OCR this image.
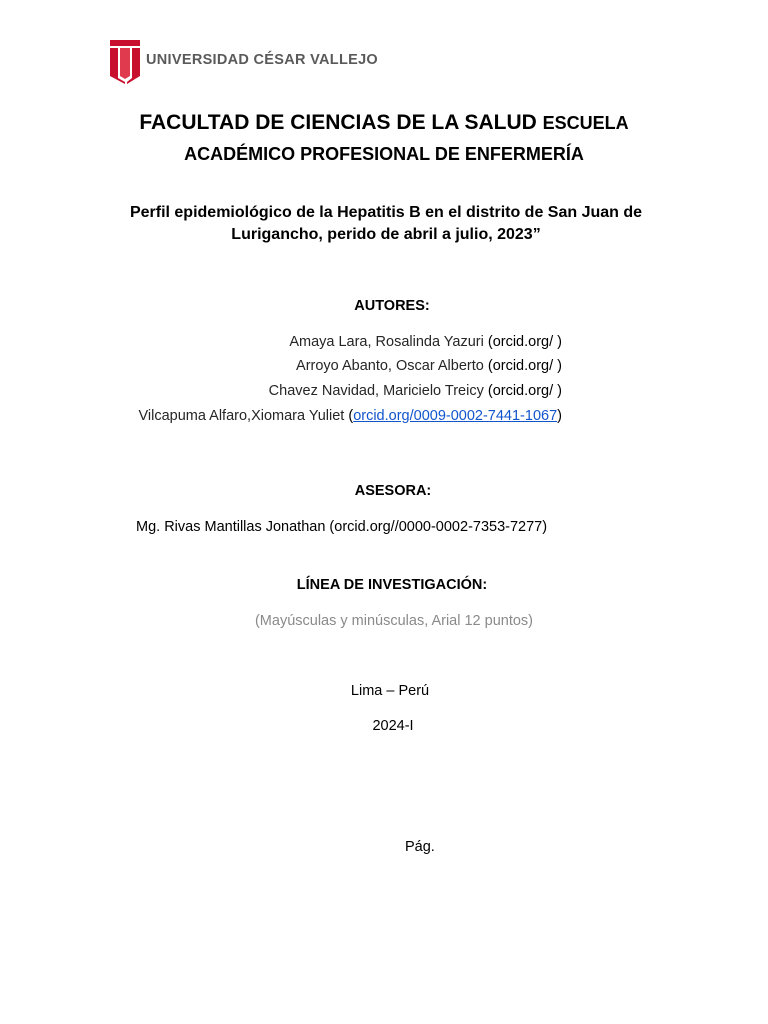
UNIVERSIDAD CÉSAR VALLEJO
FACULTAD DE CIENCIAS DE LA SALUD ESCUELA
ACADÉMICO PROFESIONAL DE ENFERMERÍA
Perfil epidemiológico de la Hepatitis B en el distrito de San Juan de Lurigancho, perido de abril a julio, 2023”
AUTORES:
Amaya Lara, Rosalinda Yazuri (orcid.org/ )
Arroyo Abanto, Oscar Alberto (orcid.org/ )
Chavez Navidad, Maricielo Treicy (orcid.org/ )
Vilcapuma Alfaro,Xiomara Yuliet (orcid.org/0009-0002-7441-1067)
ASESORA:
Mg. Rivas Mantillas Jonathan (orcid.org//0000-0002-7353-7277)
LÍNEA DE INVESTIGACIÓN:
(Mayúsculas y minúsculas, Arial 12 puntos)
Lima – Perú
2024-I
Pág.
